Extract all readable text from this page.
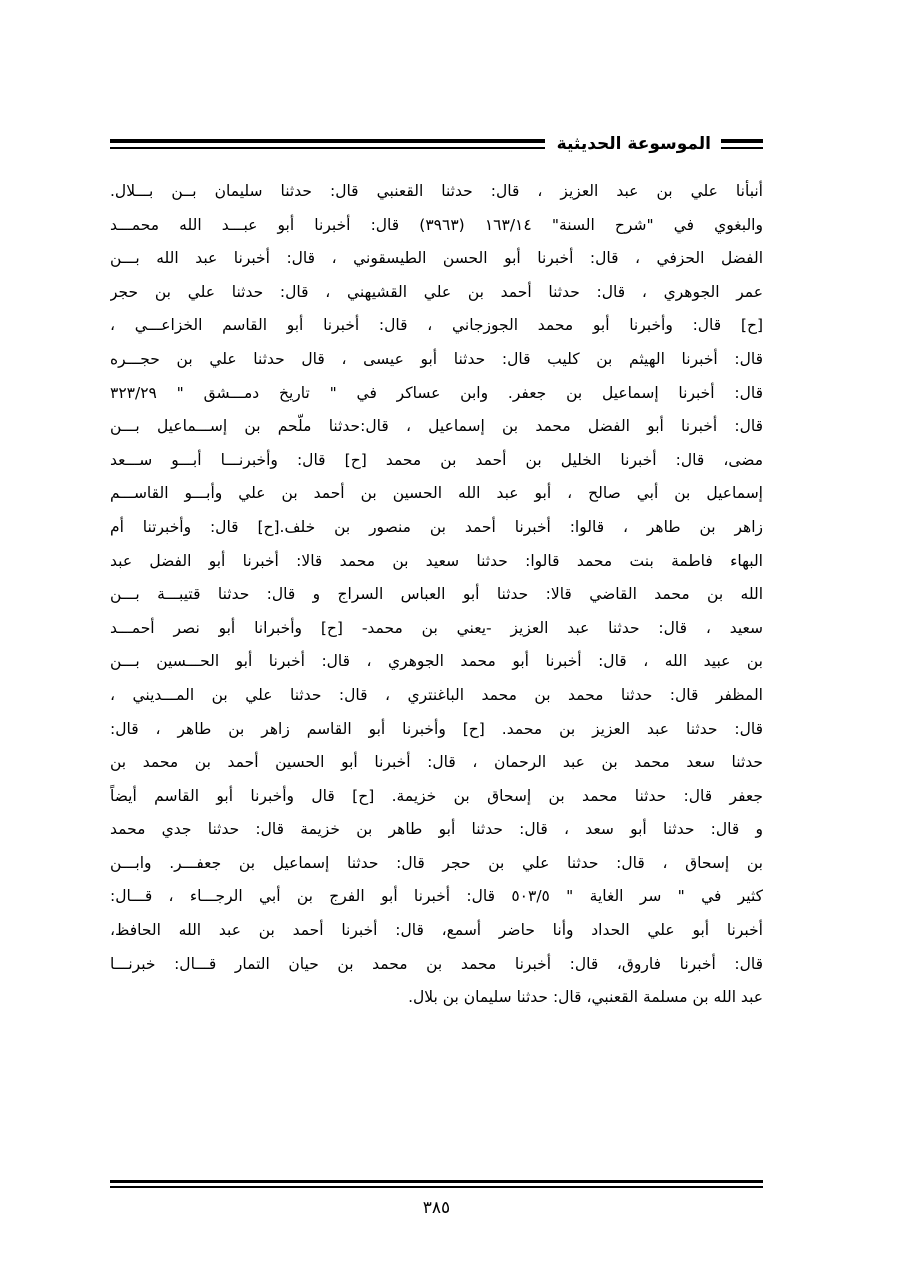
الموسوعة الحديثية
أنبأنا علي بن عبد العزيز ، قال: حدثنا القعنبي قال: حدثنا سليمان بــن بـــلال.
والبغوي في "شرح السنة" ١٦٣/١٤ (٣٩٦٣) قال: أخبرنا أبو عبـــد الله محمـــد
الفضل الحزفي ، قال: أخبرنا أبو الحسن الطيسقوني ، قال: أخبرنا عبد الله بـــن
عمر الجوهري ، قال: حدثنا أحمد بن علي القشيهني ، قال: حدثنا علي بن حجر
[ح] قال: وأخبرنا أبو محمد الجوزجاني ، قال: أخبرنا أبو القاسم الخزاعـــي ،
قال: أخبرنا الهيثم بن كليب قال: حدثنا أبو عيسى ، قال حدثنا علي بن حجـــره
قال: أخبرنا إسماعيل بن جعفر. وابن عساكر في " تاريخ دمـــشق " ٣٢٣/٢٩
قال: أخبرنا أبو الفضل محمد بن إسماعيل ، قال:حدثنا ملّحم بن إســـماعيل بـــن
مضى، قال: أخبرنا الخليل بن أحمد بن محمد [ح] قال: وأخبرنـــا أبـــو ســـعد
إسماعيل بن أبي صالح ، أبو عبد الله الحسين بن أحمد بن علي وأبـــو القاســـم
زاهر بن طاهر ، قالوا: أخبرنا أحمد بن منصور بن خلف.[ح] قال: وأخبرتنا أم
البهاء فاطمة بنت محمد قالوا: حدثنا سعيد بن محمد قالا: أخبرنا أبو الفضل عبد
الله بن محمد القاضي قالا: حدثنا أبو العباس السراج و قال: حدثنا قتيبـــة بـــن
سعيد ، قال: حدثنا عبد العزيز -يعني بن محمد- [ح] وأخبرانا أبو نصر أحمـــد
بن عبيد الله ، قال: أخبرنا أبو محمد الجوهري ، قال: أخبرنا أبو الحـــسين بـــن
المظفر قال: حدثنا محمد بن محمد الباغنتري ، قال: حدثنا علي بن المـــديني ،
قال: حدثنا عبد العزيز بن محمد. [ح] وأخبرنا أبو القاسم زاهر بن طاهر ، قال:
حدثنا سعد محمد بن عبد الرحمان ، قال: أخبرنا أبو الحسين أحمد بن محمد بن
جعفر قال: حدثنا محمد بن إسحاق بن خزيمة. [ح] قال وأخبرنا أبو القاسم أيضاً
و قال: حدثنا أبو سعد ، قال: حدثنا أبو طاهر بن خزيمة قال: حدثنا جدي محمد
بن إسحاق ، قال: حدثنا علي بن حجر قال: حدثنا إسماعيل بن جعفـــر. وابـــن
كثير في " سر الغاية " ٥٠٣/٥ قال: أخبرنا أبو الفرج بن أبي الرجـــاء ، قـــال:
أخبرنا أبو علي الحداد وأنا حاضر أسمع، قال: أخبرنا أحمد بن عبد الله الحافظ،
قال: أخبرنا فاروق، قال: أخبرنا محمد بن محمد بن حيان التمار قـــال: خبرنـــا
عبد الله بن مسلمة القعنبي، قال: حدثنا سليمان بن بلال.
٣٨٥
